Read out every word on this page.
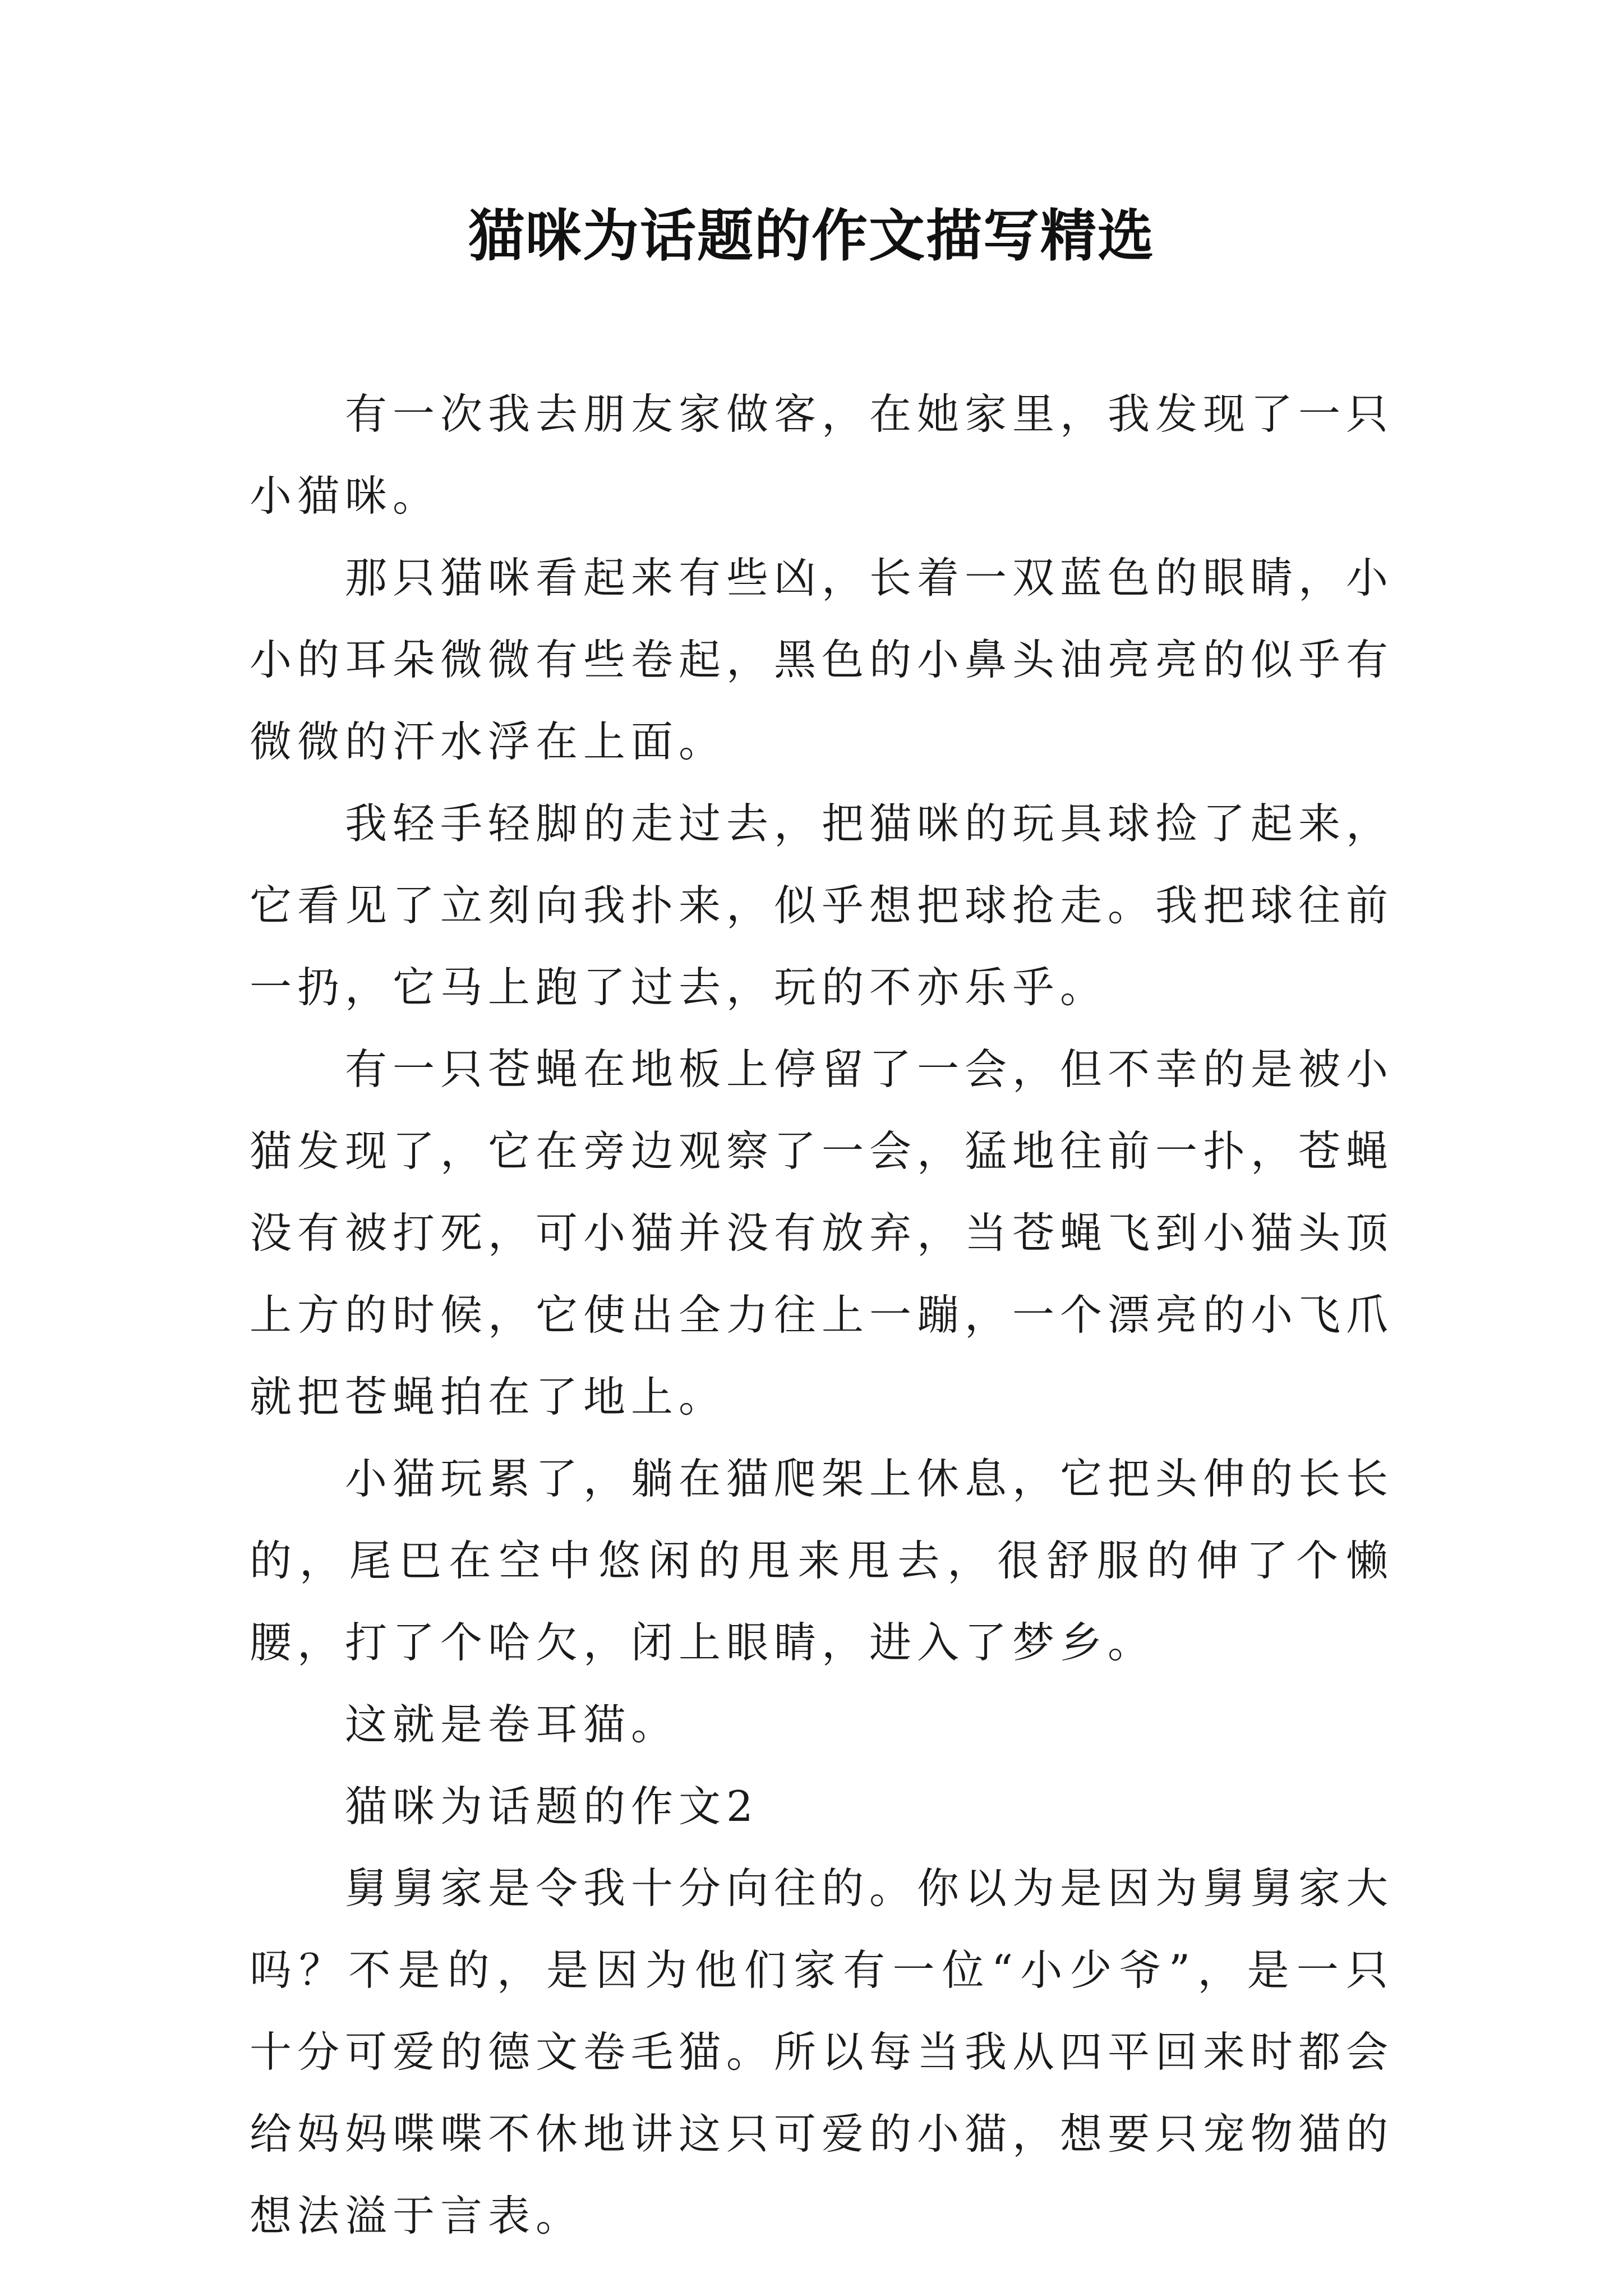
猫咪为话题的作文描写精选

有一次我去朋友家做客，在她家里，我发现了一只小猫咪。

那只猫咪看起来有些凶，长着一双蓝色的眼睛，小小的耳朵微微有些卷起，黑色的小鼻头油亮亮的似乎有微微的汗水浮在上面。

我轻手轻脚的走过去，把猫咪的玩具球捡了起来，它看见了立刻向我扑来，似乎想把球抢走。我把球往前一扔，它马上跑了过去，玩的不亦乐乎。

有一只苍蝇在地板上停留了一会，但不幸的是被小猫发现了，它在旁边观察了一会，猛地往前一扑，苍蝇没有被打死，可小猫并没有放弃，当苍蝇飞到小猫头顶上方的时候，它使出全力往上一蹦，一个漂亮的小飞爪就把苍蝇拍在了地上。

小猫玩累了，躺在猫爬架上休息，它把头伸的长长的，尾巴在空中悠闲的甩来甩去，很舒服的伸了个懒腰，打了个哈欠，闭上眼睛，进入了梦乡。

这就是卷耳猫。

猫咪为话题的作文2

舅舅家是令我十分向往的。你以为是因为舅舅家大吗？不是的，是因为他们家有一位“小少爷”，是一只十分可爱的德文卷毛猫。所以每当我从四平回来时都会给妈妈喋喋不休地讲这只可爱的小猫，想要只宠物猫的想法溢于言表。
